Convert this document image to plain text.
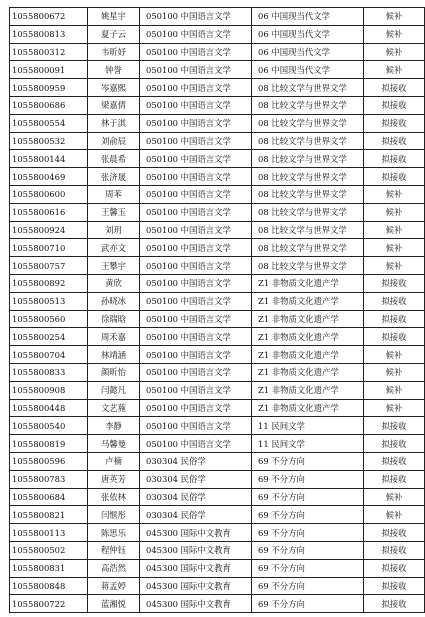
1055800672	姚星宇	050100 中国语言文学	06 中国现当代文学	候补
1055800813	夏子云	050100 中国语言文学	06 中国现当代文学	候补
1055800312	韦昕妤	050100 中国语言文学	06 中国现当代文学	候补
1055800091	钟誉	050100 中国语言文学	06 中国现当代文学	候补
1055800959	岑嘉熙	050100 中国语言文学	08 比较文学与世界文学	拟接收
1055800686	梁嘉倩	050100 中国语言文学	08 比较文学与世界文学	拟接收
1055800554	林于淇	050100 中国语言文学	08 比较文学与世界文学	拟接收
1055800532	刘俞辰	050100 中国语言文学	08 比较文学与世界文学	拟接收
1055800144	张晨希	050100 中国语言文学	08 比较文学与世界文学	拟接收
1055800469	张济晟	050100 中国语言文学	08 比较文学与世界文学	拟接收
1055800600	周苯	050100 中国语言文学	08 比较文学与世界文学	候补
1055800616	王馨玉	050100 中国语言文学	08 比较文学与世界文学	候补
1055800924	刘玥	050100 中国语言文学	08 比较文学与世界文学	候补
1055800710	武亦文	050100 中国语言文学	08 比较文学与世界文学	候补
1055800757	王攀宇	050100 中国语言文学	08 比较文学与世界文学	候补
1055800892	黄欣	050100 中国语言文学	Z1 非物质文化遗产学	拟接收
1055800513	孙晓冰	050100 中国语言文学	Z1 非物质文化遗产学	拟接收
1055800560	徐瑞晗	050100 中国语言文学	Z1 非物质文化遗产学	拟接收
1055800254	周禾嘉	050100 中国语言文学	Z1 非物质文化遗产学	拟接收
1055800704	林靖涵	050100 中国语言文学	Z1 非物质文化遗产学	候补
1055800833	颜昕怡	050100 中国语言文学	Z1 非物质文化遗产学	候补
1055800908	闫懿凡	050100 中国语言文学	Z1 非物质文化遗产学	候补
1055800448	文艺葹	050100 中国语言文学	Z1 非物质文化遗产学	候补
1055800540	李静	050100 中国语言文学	11 民间文学	拟接收
1055800819	马馨曼	050100 中国语言文学	11 民间文学	拟接收
1055800596	卢楠	030304 民俗学	69 不分方向	拟接收
1055800783	唐英芳	030304 民俗学	69 不分方向	拟接收
1055800684	张依林	030304 民俗学	69 不分方向	候补
1055800821	闫惬彤	030304 民俗学	69 不分方向	候补
1055800113	陈思乐	045300 国际中文教育	69 不分方向	拟接收
1055800502	程仲钰	045300 国际中文教育	69 不分方向	拟接收
1055800831	高浩然	045300 国际中文教育	69 不分方向	拟接收
1055800848	蒋孟婷	045300 国际中文教育	69 不分方向	拟接收
1055800722	蓝湘悦	045300 国际中文教育	69 不分方向	拟接收
